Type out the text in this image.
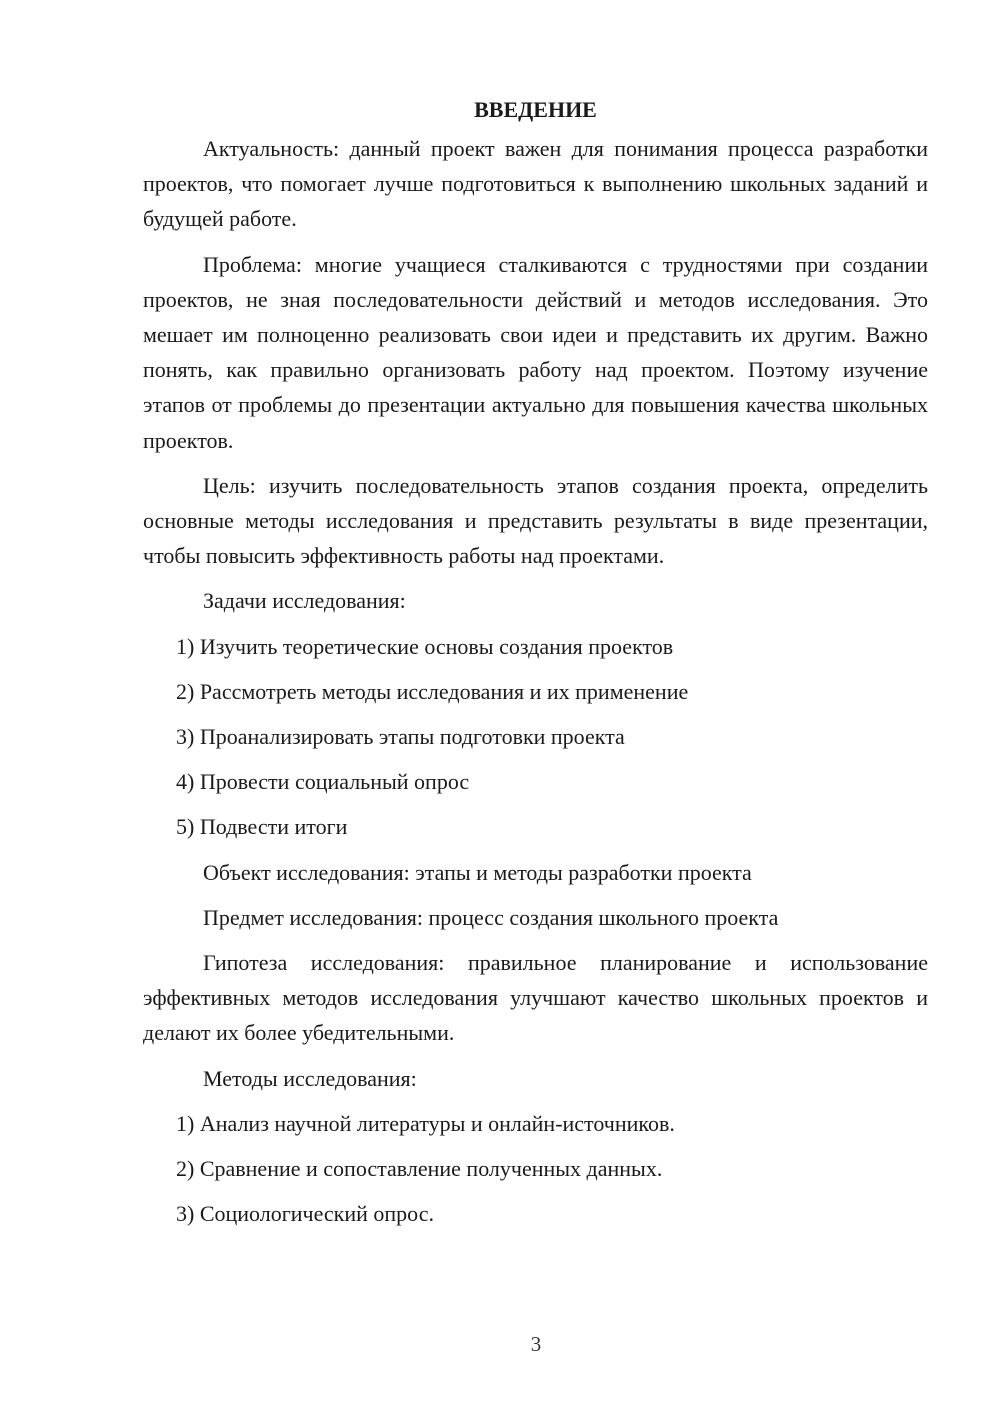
ВВЕДЕНИЕ

Актуальность: данный проект важен для понимания процесса разработки проектов, что помогает лучше подготовиться к выполнению школьных заданий и будущей работе.

Проблема: многие учащиеся сталкиваются с трудностями при создании проектов, не зная последовательности действий и методов исследования. Это мешает им полноценно реализовать свои идеи и представить их другим. Важно понять, как правильно организовать работу над проектом. Поэтому изучение этапов от проблемы до презентации актуально для повышения качества школьных проектов.

Цель: изучить последовательность этапов создания проекта, определить основные методы исследования и представить результаты в виде презентации, чтобы повысить эффективность работы над проектами.

Задачи исследования:
1) Изучить теоретические основы создания проектов
2) Рассмотреть методы исследования и их применение
3) Проанализировать этапы подготовки проекта
4) Провести социальный опрос
5) Подвести итоги
Объект исследования: этапы и методы разработки проекта
Предмет исследования: процесс создания школьного проекта

Гипотеза исследования: правильное планирование и использование эффективных методов исследования улучшают качество школьных проектов и делают их более убедительными.

Методы исследования:
1) Анализ научной литературы и онлайн-источников.
2) Сравнение и сопоставление полученных данных.
3) Социологический опрос.
3
